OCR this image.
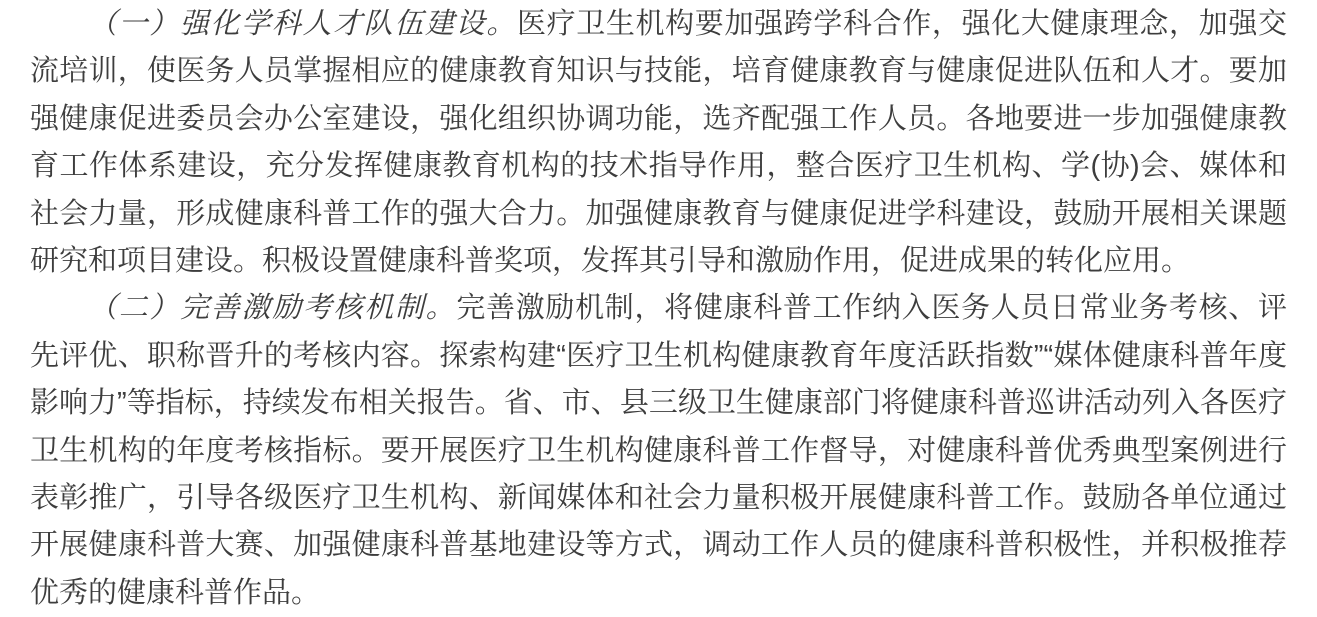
（一）强化学科人才队伍建设。医疗卫生机构要加强跨学科合作，强化大健康理念，加强交流培训，使医务人员掌握相应的健康教育知识与技能，培育健康教育与健康促进队伍和人才。要加强健康促进委员会办公室建设，强化组织协调功能，选齐配强工作人员。各地要进一步加强健康教育工作体系建设，充分发挥健康教育机构的技术指导作用，整合医疗卫生机构、学(协)会、媒体和社会力量，形成健康科普工作的强大合力。加强健康教育与健康促进学科建设，鼓励开展相关课题研究和项目建设。积极设置健康科普奖项，发挥其引导和激励作用，促进成果的转化应用。

（二）完善激励考核机制。完善激励机制，将健康科普工作纳入医务人员日常业务考核、评先评优、职称晋升的考核内容。探索构建“医疗卫生机构健康教育年度活跃指数”“媒体健康科普年度影响力”等指标，持续发布相关报告。省、市、县三级卫生健康部门将健康科普巡讲活动列入各医疗卫生机构的年度考核指标。要开展医疗卫生机构健康科普工作督导，对健康科普优秀典型案例进行表彰推广，引导各级医疗卫生机构、新闻媒体和社会力量积极开展健康科普工作。鼓励各单位通过开展健康科普大赛、加强健康科普基地建设等方式，调动工作人员的健康科普积极性，并积极推荐优秀的健康科普作品。
